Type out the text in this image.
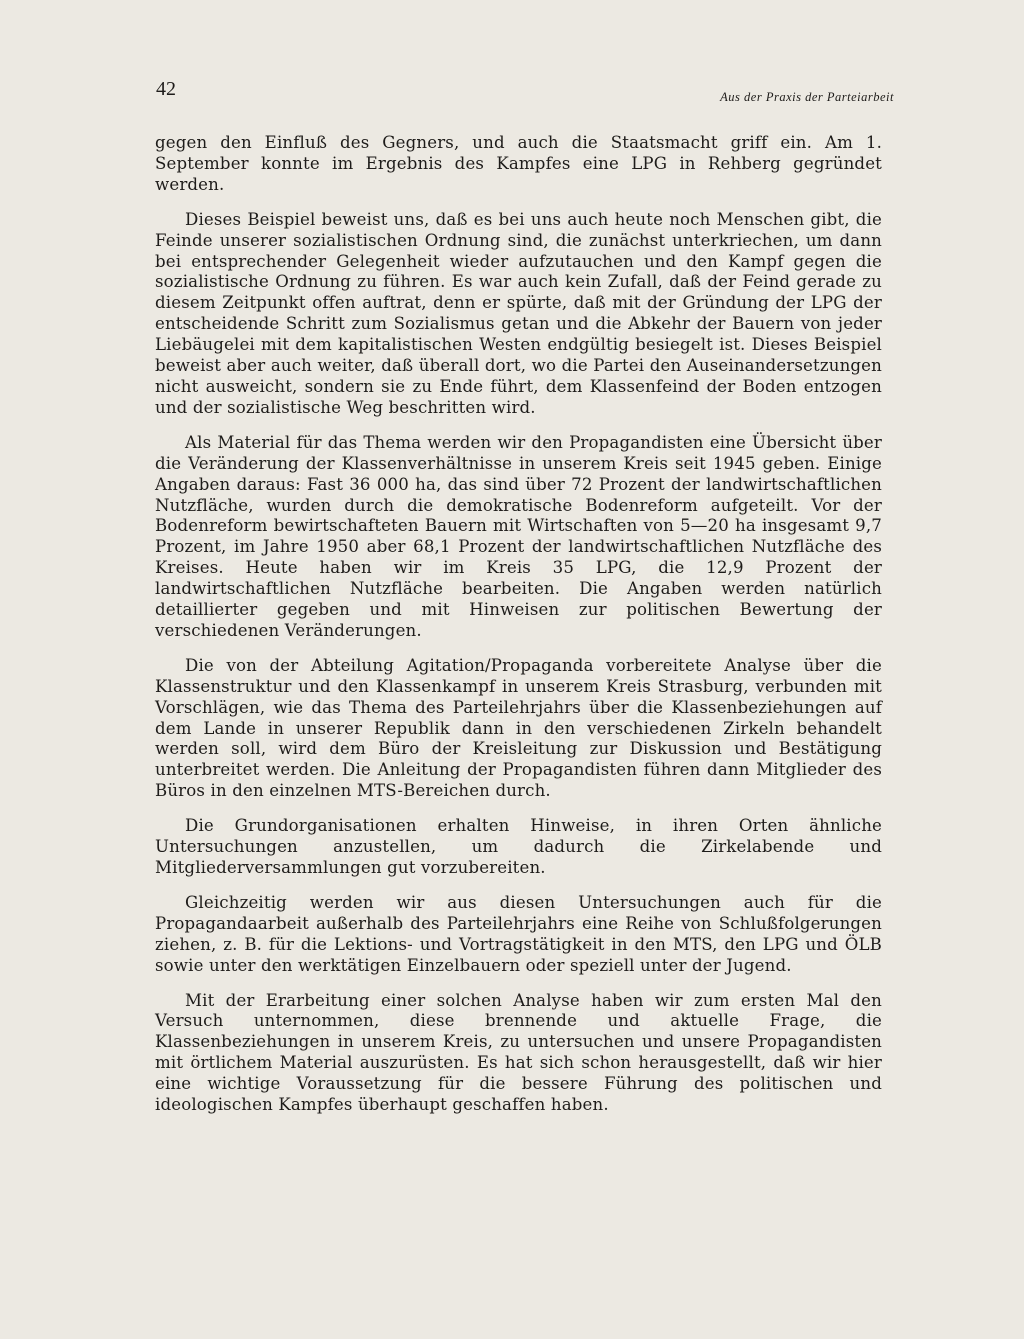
42	Aus der Praxis der Parteiarbeit

gegen den Einfluß des Gegners, und auch die Staatsmacht griff ein. Am 1. September konnte im Ergebnis des Kampfes eine LPG in Rehberg gegründet werden.

Dieses Beispiel beweist uns, daß es bei uns auch heute noch Menschen gibt, die Feinde unserer sozialistischen Ordnung sind, die zunächst unterkriechen, um dann bei entsprechender Gelegenheit wieder aufzutauchen und den Kampf gegen die sozialistische Ordnung zu führen. Es war auch kein Zufall, daß der Feind gerade zu diesem Zeitpunkt offen auftrat, denn er spürte, daß mit der Gründung der LPG der entscheidende Schritt zum Sozialismus getan und die Abkehr der Bauern von jeder Liebäugelei mit dem kapitalistischen Westen endgültig besiegelt ist. Dieses Beispiel beweist aber auch weiter, daß überall dort, wo die Partei den Auseinandersetzungen nicht ausweicht, sondern sie zu Ende führt, dem Klassenfeind der Boden entzogen und der sozialistische Weg beschritten wird.

Als Material für das Thema werden wir den Propagandisten eine Übersicht über die Veränderung der Klassenverhältnisse in unserem Kreis seit 1945 geben. Einige Angaben daraus: Fast 36 000 ha, das sind über 72 Prozent der landwirtschaftlichen Nutzfläche, wurden durch die demokratische Bodenreform aufgeteilt. Vor der Bodenreform bewirtschafteten Bauern mit Wirtschaften von 5—20 ha insgesamt 9,7 Prozent, im Jahre 1950 aber 68,1 Prozent der landwirtschaftlichen Nutzfläche des Kreises. Heute haben wir im Kreis 35 LPG, die 12,9 Prozent der landwirtschaftlichen Nutzfläche bearbeiten. Die Angaben werden natürlich detaillierter gegeben und mit Hinweisen zur politischen Bewertung der verschiedenen Veränderungen.

Die von der Abteilung Agitation/Propaganda vorbereitete Analyse über die Klassenstruktur und den Klassenkampf in unserem Kreis Strasburg, verbunden mit Vorschlägen, wie das Thema des Parteilehrjahrs über die Klassenbeziehungen auf dem Lande in unserer Republik dann in den verschiedenen Zirkeln behandelt werden soll, wird dem Büro der Kreisleitung zur Diskussion und Bestätigung unterbreitet werden. Die Anleitung der Propagandisten führen dann Mitglieder des Büros in den einzelnen MTS-Bereichen durch.

Die Grundorganisationen erhalten Hinweise, in ihren Orten ähnliche Untersuchungen anzustellen, um dadurch die Zirkelabende und Mitgliederversammlungen gut vorzubereiten.

Gleichzeitig werden wir aus diesen Untersuchungen auch für die Propagandaarbeit außerhalb des Parteilehrjahrs eine Reihe von Schlußfolgerungen ziehen, z. B. für die Lektions- und Vortragstätigkeit in den MTS, den LPG und ÖLB sowie unter den werktätigen Einzelbauern oder speziell unter der Jugend.

Mit der Erarbeitung einer solchen Analyse haben wir zum ersten Mal den Versuch unternommen, diese brennende und aktuelle Frage, die Klassenbeziehungen in unserem Kreis, zu untersuchen und unsere Propagandisten mit örtlichem Material auszurüsten. Es hat sich schon herausgestellt, daß wir hier eine wichtige Voraussetzung für die bessere Führung des politischen und ideologischen Kampfes überhaupt geschaffen haben.
